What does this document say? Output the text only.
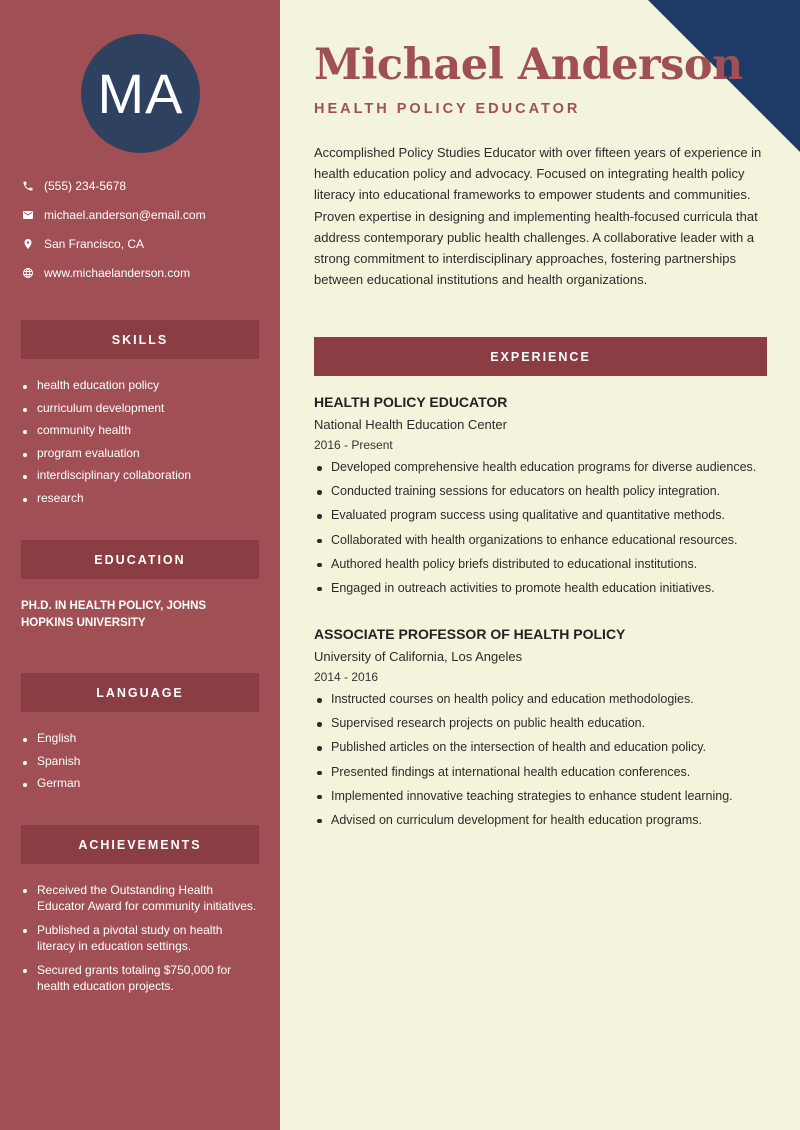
MA
(555) 234-5678
michael.anderson@email.com
San Francisco, CA
www.michaelanderson.com
SKILLS
health education policy
curriculum development
community health
program evaluation
interdisciplinary collaboration
research
EDUCATION
PH.D. IN HEALTH POLICY, JOHNS HOPKINS UNIVERSITY
LANGUAGE
English
Spanish
German
ACHIEVEMENTS
Received the Outstanding Health Educator Award for community initiatives.
Published a pivotal study on health literacy in education settings.
Secured grants totaling $750,000 for health education projects.
Michael Anderson
HEALTH POLICY EDUCATOR

Accomplished Policy Studies Educator with over fifteen years of experience in health education policy and advocacy. Focused on integrating health policy literacy into educational frameworks to empower students and communities. Proven expertise in designing and implementing health-focused curricula that address contemporary public health challenges. A collaborative leader with a strong commitment to interdisciplinary approaches, fostering partnerships between educational institutions and health organizations.

EXPERIENCE
HEALTH POLICY EDUCATOR
National Health Education Center
2016 - Present
Developed comprehensive health education programs for diverse audiences.
Conducted training sessions for educators on health policy integration.
Evaluated program success using qualitative and quantitative methods.
Collaborated with health organizations to enhance educational resources.
Authored health policy briefs distributed to educational institutions.
Engaged in outreach activities to promote health education initiatives.
ASSOCIATE PROFESSOR OF HEALTH POLICY
University of California, Los Angeles
2014 - 2016
Instructed courses on health policy and education methodologies.
Supervised research projects on public health education.
Published articles on the intersection of health and education policy.
Presented findings at international health education conferences.
Implemented innovative teaching strategies to enhance student learning.
Advised on curriculum development for health education programs.
